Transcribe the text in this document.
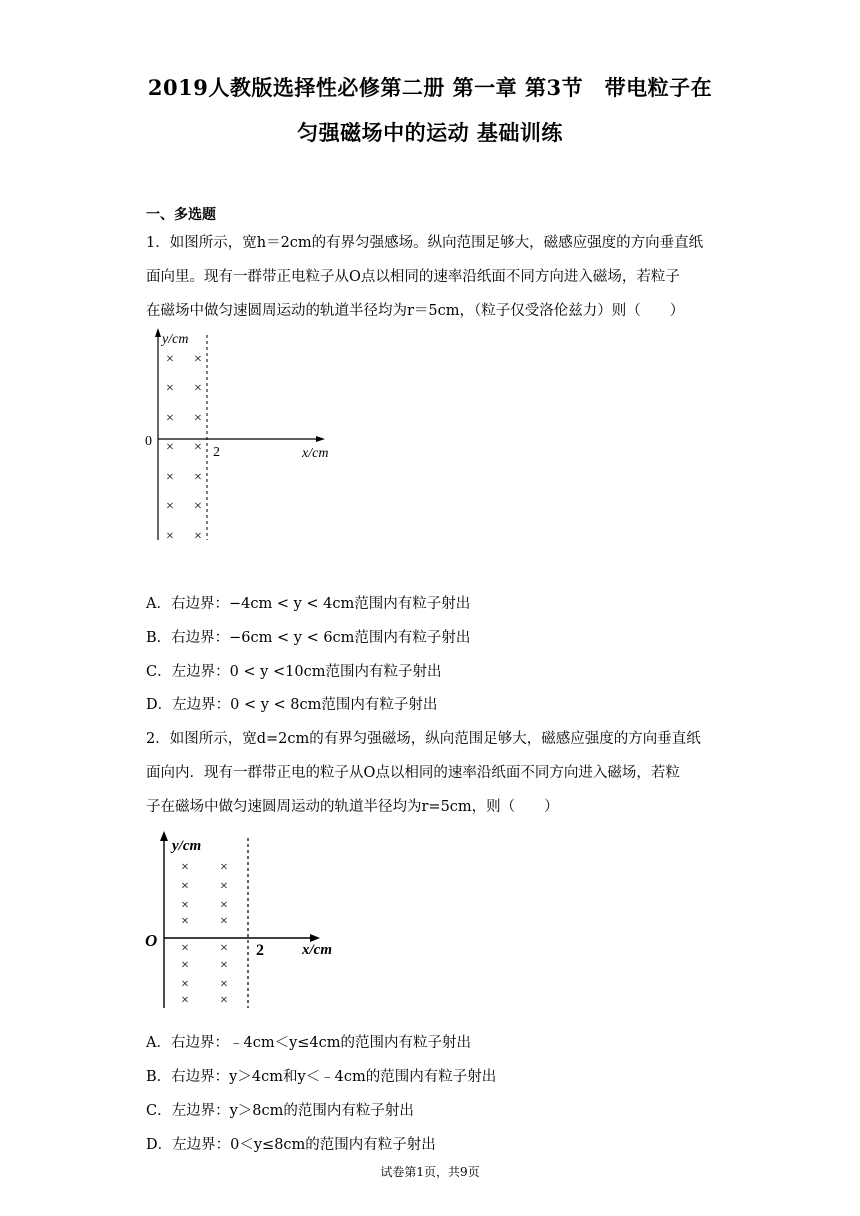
2019人教版选择性必修第二册 第一章 第3节　带电粒子在
匀强磁场中的运动 基础训练
一、多选题
1．如图所示，宽h＝2cm的有界匀强感场。纵向范围足够大，磁感应强度的方向垂直纸
面向里。现有一群带正电粒子从O点以相同的速率沿纸面不同方向进入磁场，若粒子
在磁场中做匀速圆周运动的轨道半径均为r＝5cm，（粒子仅受洛伦兹力）则（　　）
y/cm
x/cm
0
2
× ×
× ×
× ×
× ×
× ×
× ×
× ×
A．右边界：−4cm < y < 4cm范围内有粒子射出
B．右边界：−6cm < y < 6cm范围内有粒子射出
C．左边界：0 < y <10cm范围内有粒子射出
D．左边界：0 < y < 8cm范围内有粒子射出
2．如图所示，宽d=2cm的有界匀强磁场，纵向范围足够大，磁感应强度的方向垂直纸
面向内．现有一群带正电的粒子从O点以相同的速率沿纸面不同方向进入磁场，若粒
子在磁场中做匀速圆周运动的轨道半径均为r=5cm，则（　　）
y/cm
x/cm
O
2
× ×
× ×
× ×
× ×
× ×
× ×
× ×
× ×
A．右边界：﹣4cm＜y≤4cm的范围内有粒子射出
B．右边界：y＞4cm和y＜﹣4cm的范围内有粒子射出
C．左边界：y＞8cm的范围内有粒子射出
D．左边界：0＜y≤8cm的范围内有粒子射出
试卷第1页，共9页
